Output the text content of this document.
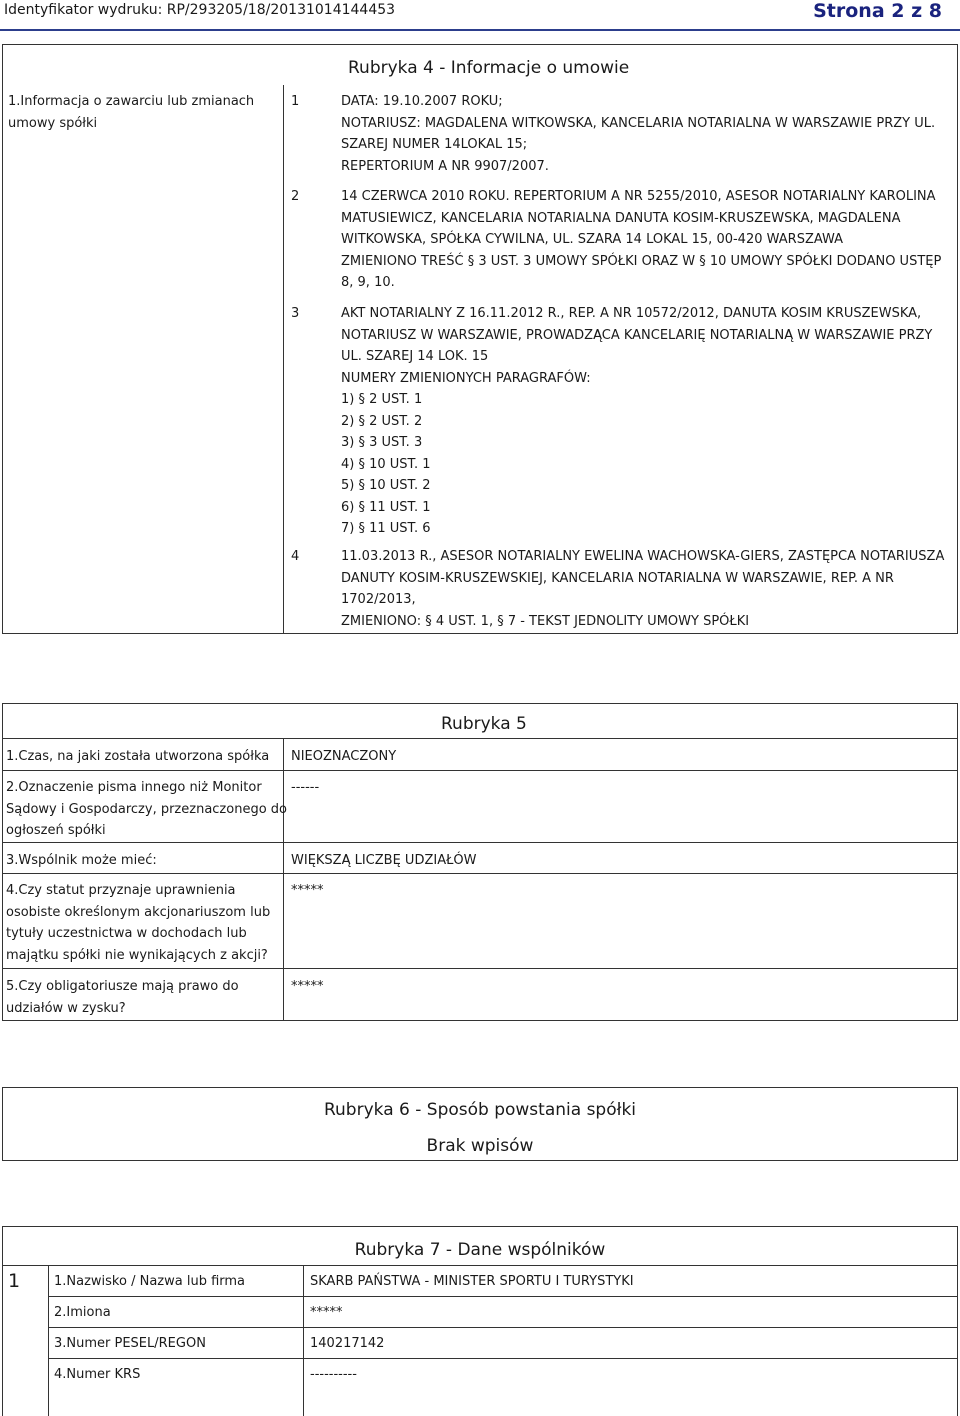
Identyfikator wydruku: RP/293205/18/20131014144453	Strona 2 z 8
Rubryka 4 - Informacje o umowie
1.Informacja o zawarciu lub zmianach
umowy spółki
1	DATA: 19.10.2007 ROKU;
NOTARIUSZ: MAGDALENA WITKOWSKA, KANCELARIA NOTARIALNA W WARSZAWIE PRZY UL.
SZAREJ NUMER 14LOKAL 15;
REPERTORIUM A NR 9907/2007.
2	14 CZERWCA 2010 ROKU. REPERTORIUM A NR 5255/2010, ASESOR NOTARIALNY KAROLINA
MATUSIEWICZ, KANCELARIA NOTARIALNA DANUTA KOSIM-KRUSZEWSKA, MAGDALENA
WITKOWSKA, SPÓŁKA CYWILNA, UL. SZARA 14 LOKAL 15, 00-420 WARSZAWA
ZMIENIONO TREŚĆ § 3 UST. 3 UMOWY SPÓŁKI ORAZ W § 10 UMOWY SPÓŁKI DODANO USTĘP
8, 9, 10.
3	AKT NOTARIALNY Z 16.11.2012 R., REP. A NR 10572/2012, DANUTA KOSIM KRUSZEWSKA,
NOTARIUSZ W WARSZAWIE, PROWADZĄCA KANCELARIĘ NOTARIALNĄ W WARSZAWIE PRZY
UL. SZAREJ 14 LOK. 15
NUMERY ZMIENIONYCH PARAGRAFÓW:
1) § 2 UST. 1
2) § 2 UST. 2
3) § 3 UST. 3
4) § 10 UST. 1
5) § 10 UST. 2
6) § 11 UST. 1
7) § 11 UST. 6
4	11.03.2013 R., ASESOR NOTARIALNY EWELINA WACHOWSKA-GIERS, ZASTĘPCA NOTARIUSZA
DANUTY KOSIM-KRUSZEWSKIEJ, KANCELARIA NOTARIALNA W WARSZAWIE, REP. A NR
1702/2013,
ZMIENIONO: § 4 UST. 1, § 7 - TEKST JEDNOLITY UMOWY SPÓŁKI
Rubryka 5
1.Czas, na jaki została utworzona spółka NIEOZNACZONY
2.Oznaczenie pisma innego niż Monitor
Sądowy i Gospodarczy, przeznaczonego do
ogłoszeń spółki
------
3.Wspólnik może mieć:	WIĘKSZĄ LICZBĘ UDZIAŁÓW
4.Czy statut przyznaje uprawnienia
osobiste określonym akcjonariuszom lub
tytuły uczestnictwa w dochodach lub
majątku spółki nie wynikających z akcji?
*****
5.Czy obligatoriusze mają prawo do
udziałów w zysku?
*****
Rubryka 6 - Sposób powstania spółki
Brak wpisów
Rubryka 7 - Dane wspólników
1	1.Nazwisko / Nazwa lub firma	SKARB PAŃSTWA - MINISTER SPORTU I TURYSTYKI
2.Imiona	*****
3.Numer PESEL/REGON	140217142
4.Numer KRS	----------
